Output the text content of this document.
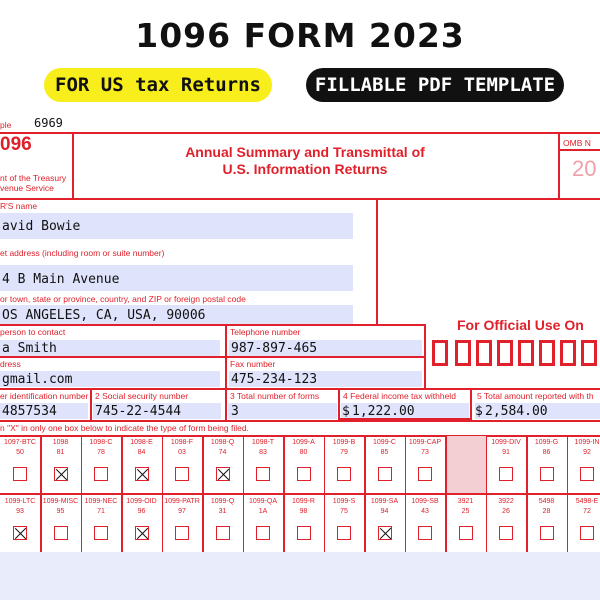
1096 FORM 2023
FOR US tax Returns	FILLABLE PDF TEMPLATE
ple 6969
096
nt of the Treasury
venue Service
Annual Summary and Transmittal of
U.S. Information Returns
OMB N
20
R'S name
avid Bowie
et address (including room or suite number)
4 B Main Avenue
or town, state or province, country, and ZIP or foreign postal code
OS ANGELES, CA, USA, 90006
person to contact
a Smith
Telephone number
987-897-465
dress
gmail.com
Fax number
475-234-123
For Official Use On
er identification number
4857534
2 Social security number
745-22-4544
3 Total number of forms
3
4 Federal income tax withheld
$ 1,222.00
5 Total amount reported with th
$ 2,584.00
n "X" in only one box below to indicate the type of form being filed.
1097-BTC
50
1098
81
1098-C
78
1098-E
84
1098-F
03
1098-Q
74
1098-T
83
1099-A
80
1099-B
79
1099-C
85
1099-CAP
73
1099-DIV
91
1099-G
86
1099-IN
92
1099-LTC
93
1099-MISC
95
1099-NEC
71
1099-OID
96
1099-PATR
97
1099-Q
31
1099-QA
1A
1099-R
98
1099-S
75
1099-SA
94
1099-SB
43
3921
25
3922
26
5498
28
5498-E
72
